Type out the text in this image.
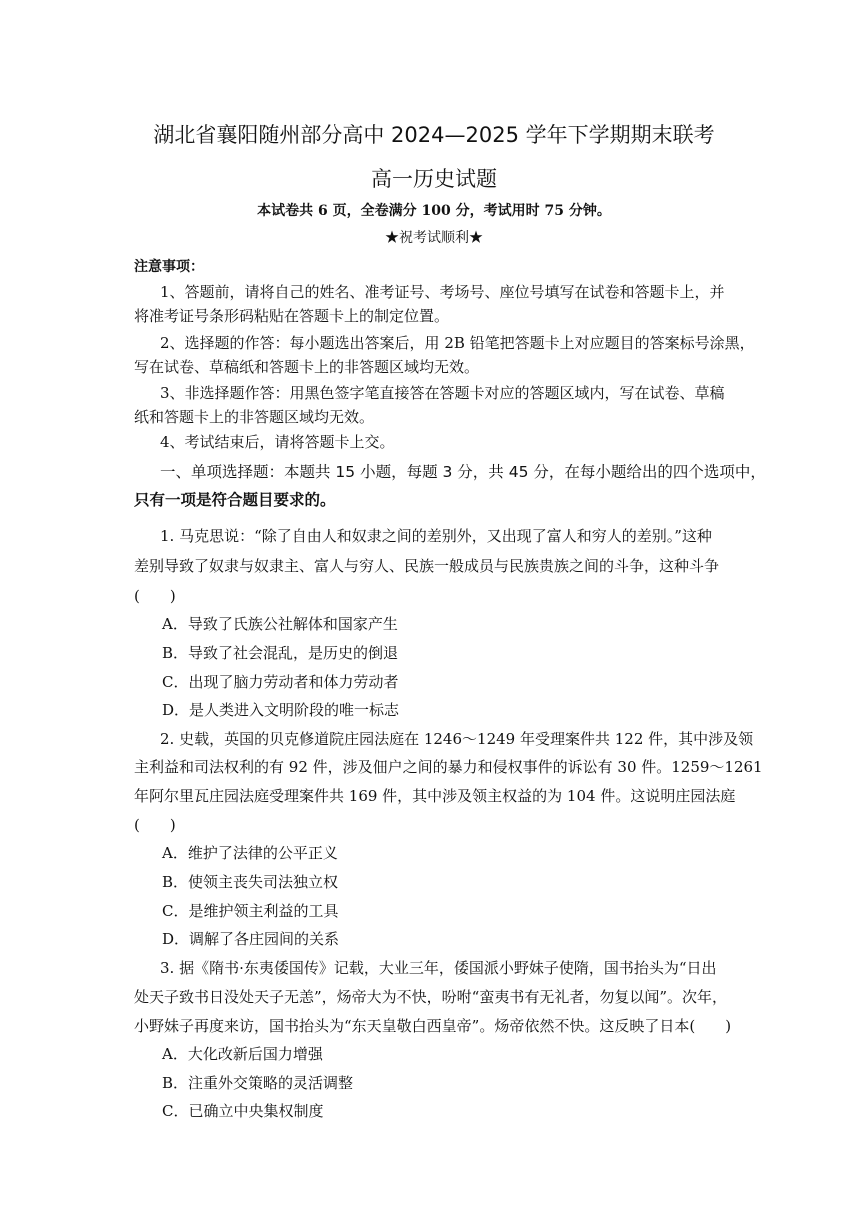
湖北省襄阳随州部分高中 2024—2025 学年下学期期末联考
高一历史试题
本试卷共 6 页，全卷满分 100 分，考试用时 75 分钟。
★祝考试顺利★
注意事项：
1、答题前，请将自己的姓名、准考证号、考场号、座位号填写在试卷和答题卡上，并
将准考证号条形码粘贴在答题卡上的制定位置。
2、选择题的作答：每小题选出答案后，用 2B 铅笔把答题卡上对应题目的答案标号涂黑，
写在试卷、草稿纸和答题卡上的非答题区域均无效。
3、非选择题作答：用黑色签字笔直接答在答题卡对应的答题区域内，写在试卷、草稿
纸和答题卡上的非答题区域均无效。
4、考试结束后，请将答题卡上交。
一、单项选择题：本题共 15 小题，每题 3 分，共 45 分，在每小题给出的四个选项中，
只有一项是符合题目要求的。
1. 马克思说：“除了自由人和奴隶之间的差别外，又出现了富人和穷人的差别。”这种
差别导致了奴隶与奴隶主、富人与穷人、民族一般成员与民族贵族之间的斗争，这种斗争
(　　)
A．导致了氏族公社解体和国家产生
B．导致了社会混乱，是历史的倒退
C．出现了脑力劳动者和体力劳动者
D．是人类进入文明阶段的唯一标志
2. 史载，英国的贝克修道院庄园法庭在 1246～1249 年受理案件共 122 件，其中涉及领
主利益和司法权利的有 92 件，涉及佃户之间的暴力和侵权事件的诉讼有 30 件。1259～1261
年阿尔里瓦庄园法庭受理案件共 169 件，其中涉及领主权益的为 104 件。这说明庄园法庭
(　　)
A．维护了法律的公平正义
B．使领主丧失司法独立权
C．是维护领主利益的工具
D．调解了各庄园间的关系
3. 据《隋书·东夷倭国传》记载，大业三年，倭国派小野妹子使隋，国书抬头为“日出
处天子致书日没处天子无恙”，炀帝大为不快，吩咐“蛮夷书有无礼者，勿复以闻”。次年，
小野妹子再度来访，国书抬头为“东天皇敬白西皇帝”。炀帝依然不快。这反映了日本(　　)
A．大化改新后国力增强
B．注重外交策略的灵活调整
C．已确立中央集权制度
